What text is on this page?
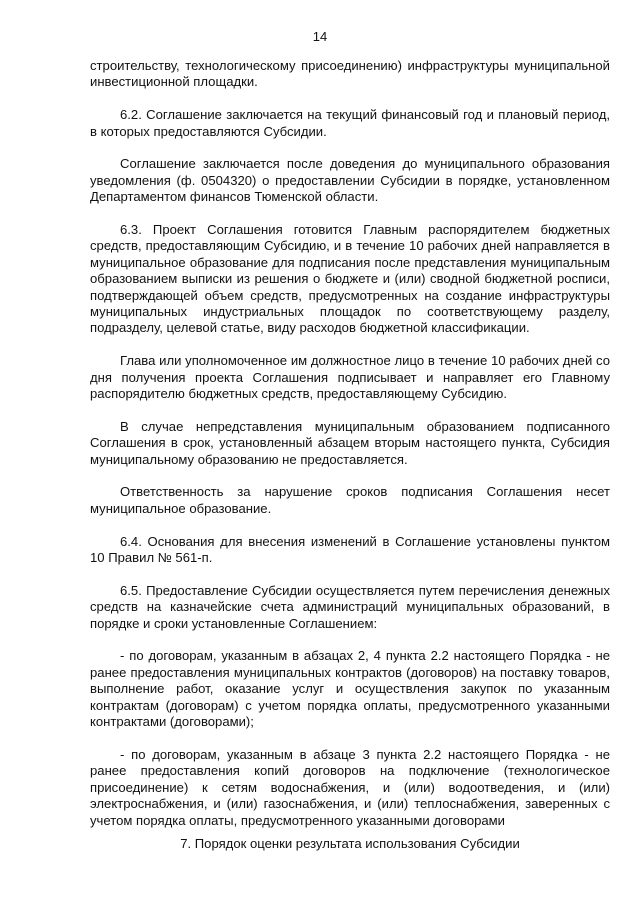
14

строительству, технологическому присоединению) инфраструктуры муниципальной инвестиционной площадки.

6.2. Соглашение заключается на текущий финансовый год и плановый период, в которых предоставляются Субсидии.

Соглашение заключается после доведения до муниципального образования уведомления (ф. 0504320) о предоставлении Субсидии в порядке, установленном Департаментом финансов Тюменской области.

6.3. Проект Соглашения готовится Главным распорядителем бюджетных средств, предоставляющим Субсидию, и в течение 10 рабочих дней направляется в муниципальное образование для подписания после представления муниципальным образованием выписки из решения о бюджете и (или) сводной бюджетной росписи, подтверждающей объем средств, предусмотренных на создание инфраструктуры муниципальных индустриальных площадок по соответствующему разделу, подразделу, целевой статье, виду расходов бюджетной классификации.

Глава или уполномоченное им должностное лицо в течение 10 рабочих дней со дня получения проекта Соглашения подписывает и направляет его Главному распорядителю бюджетных средств, предоставляющему Субсидию.

В случае непредставления муниципальным образованием подписанного Соглашения в срок, установленный абзацем вторым настоящего пункта, Субсидия муниципальному образованию не предоставляется.

Ответственность за нарушение сроков подписания Соглашения несет муниципальное образование.

6.4. Основания для внесения изменений в Соглашение установлены пунктом 10 Правил № 561-п.

6.5. Предоставление Субсидии осуществляется путем перечисления денежных средств на казначейские счета администраций муниципальных образований, в порядке и сроки установленные Соглашением:

- по договорам, указанным в абзацах 2, 4 пункта 2.2 настоящего Порядка - не ранее предоставления муниципальных контрактов (договоров) на поставку товаров, выполнение работ, оказание услуг и осуществления закупок по указанным контрактам (договорам) с учетом порядка оплаты, предусмотренного указанными контрактами (договорами);

- по договорам, указанным в абзаце 3 пункта 2.2 настоящего Порядка - не ранее предоставления копий договоров на подключение (технологическое присоединение) к сетям водоснабжения, и (или) водоотведения, и (или) электроснабжения, и (или) газоснабжения, и (или) теплоснабжения, заверенных с учетом порядка оплаты, предусмотренного указанными договорами

7. Порядок оценки результата использования Субсидии
